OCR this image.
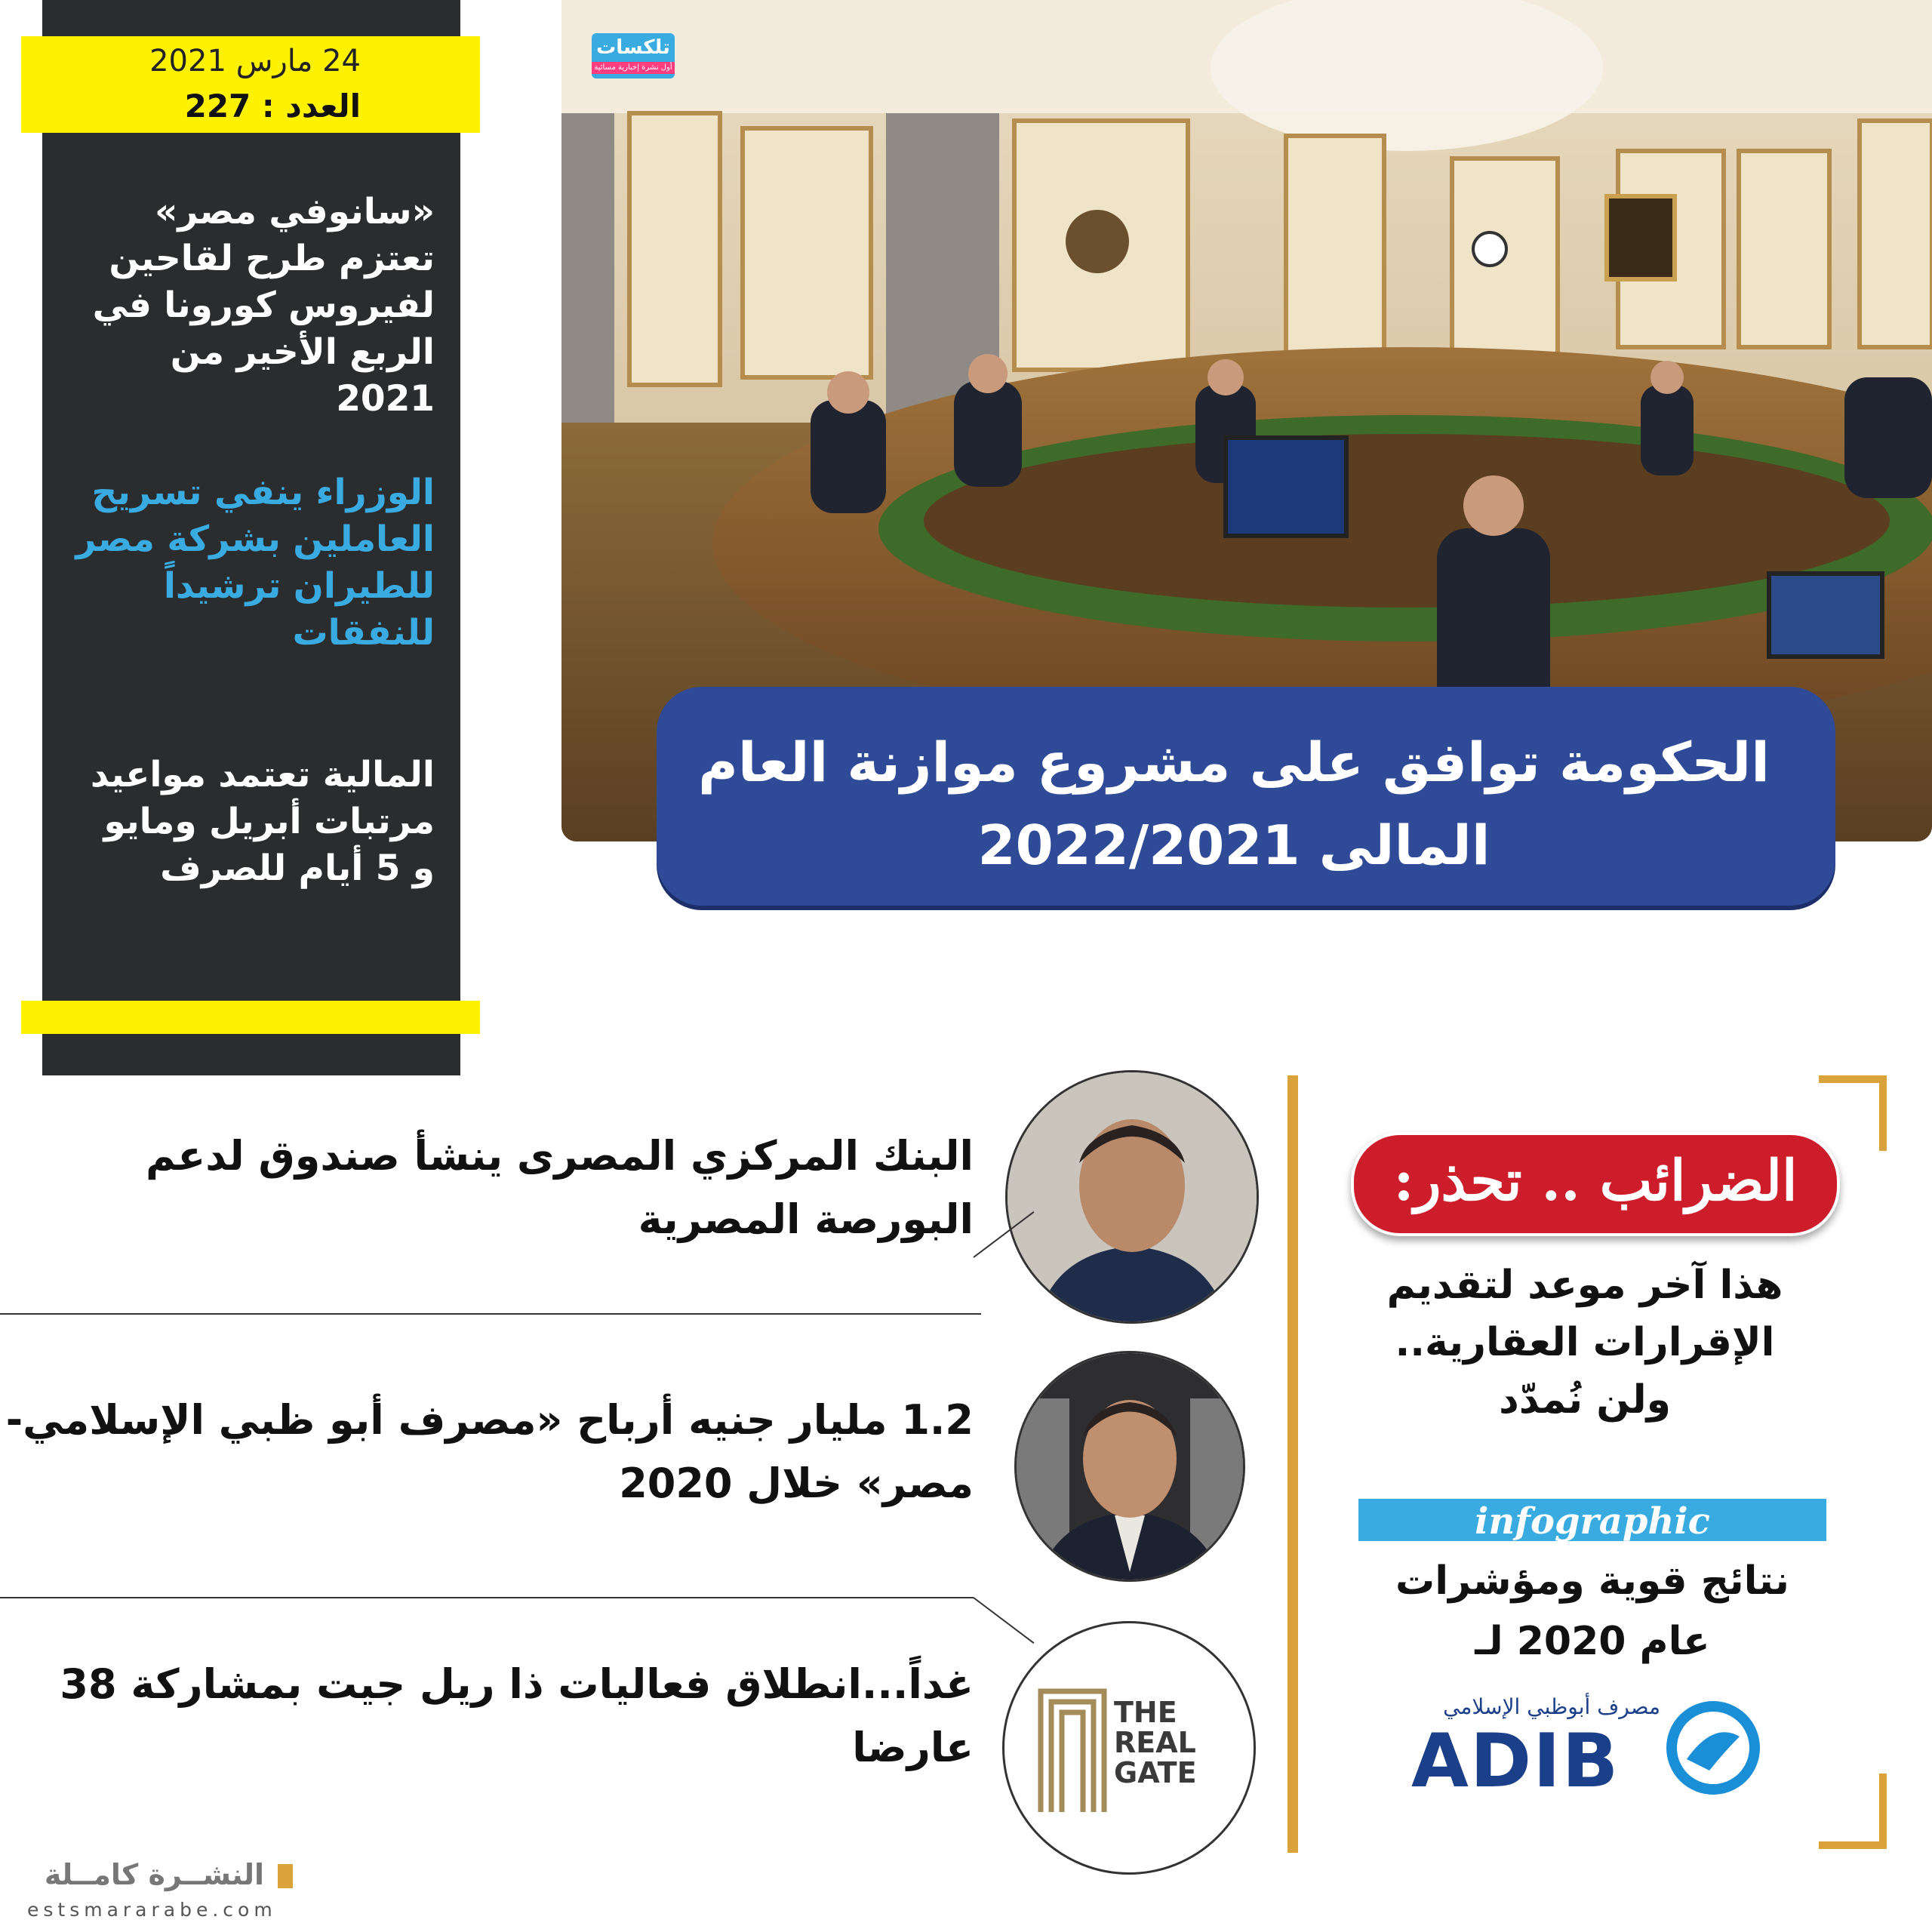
24 مارس 2021
العدد : 227
«سانوفي مصر» تعتزم طرح لقاحين لفيروس كورونا في الربع الأخير من 2021
الوزراء ينفي تسريح العاملين بشركة مصر للطيران ترشيداً للنفقات
المالية تعتمد مواعيد مرتبات أبريل ومايو و 5 أيام للصرف
تلكسات
أول نشرة إخبارية مسائية
الحكومة توافق على مشروع موازنة العام المالى 2022/2021
البنك المركزي المصرى ينشأ صندوق لدعم البورصة المصرية
1.2 مليار جنيه أرباح «مصرف أبو ظبي الإسلامي- مصر» خلال 2020
غداً...انطلاق فعاليات ذا ريل جيت بمشاركة 38 عارضا
THE
REAL
GATE
الضرائب .. تحذر:
هذا آخر موعد لتقديم الإقرارات العقارية.. ولن نُمدّد
infographic
نتائج قوية ومؤشرات عام 2020 لـ
مصرف أبوظبي الإسلامي
ADIB
النشــرة كامــلة
estsmararabe.com
